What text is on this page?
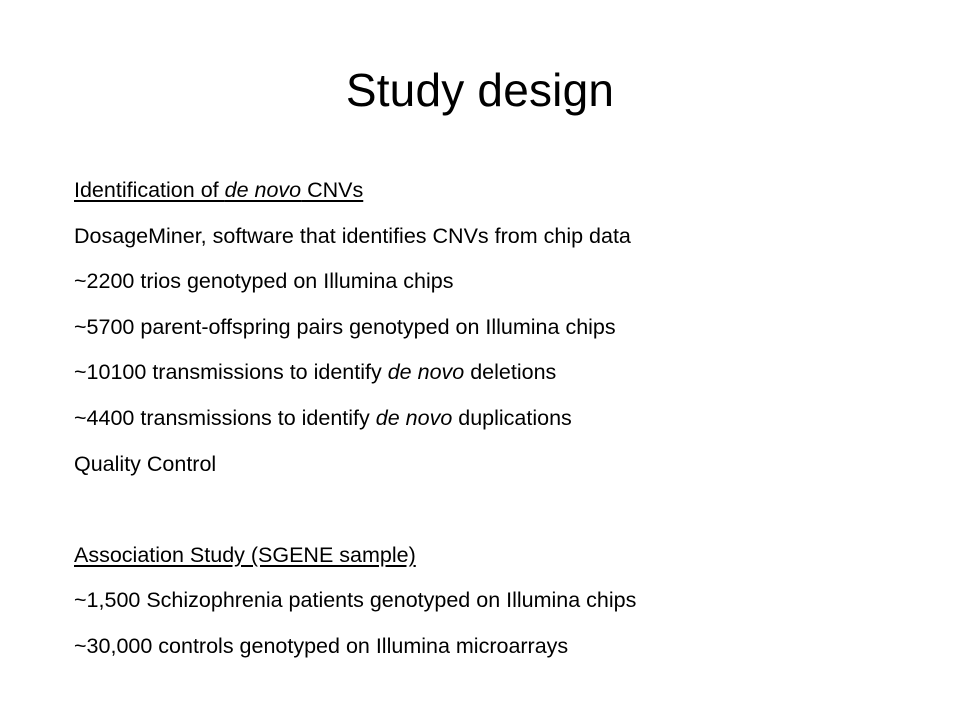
Study design
Identification of de novo CNVs
DosageMiner, software that identifies CNVs from chip data
~2200 trios genotyped on Illumina chips
~5700 parent-offspring pairs genotyped on Illumina chips
~10100 transmissions to identify de novo deletions
~4400 transmissions to identify de novo duplications
Quality Control
Association Study (SGENE sample)
~1,500 Schizophrenia patients genotyped on Illumina chips
~30,000 controls genotyped on Illumina microarrays
